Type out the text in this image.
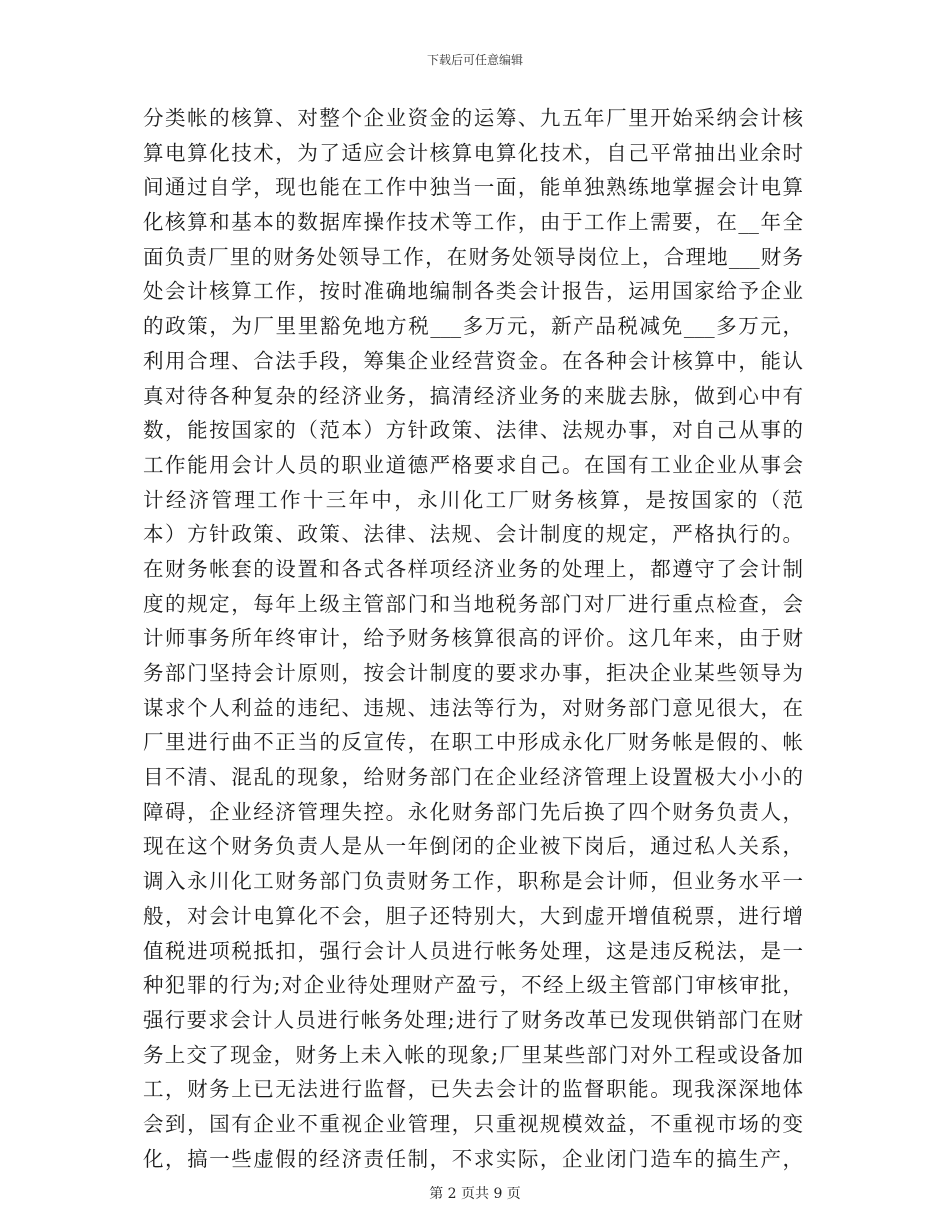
下载后可任意编辑
分类帐的核算、对整个企业资金的运筹、九五年厂里开始采纳会计核
算电算化技术，为了适应会计核算电算化技术，自己平常抽出业余时
间通过自学，现也能在工作中独当一面，能单独熟练地掌握会计电算
化核算和基本的数据库操作技术等工作，由于工作上需要，在__年全
面负责厂里的财务处领导工作，在财务处领导岗位上，合理地___财务
处会计核算工作，按时准确地编制各类会计报告，运用国家给予企业
的政策，为厂里里豁免地方税___多万元，新产品税减免___多万元，
利用合理、合法手段，筹集企业经营资金。在各种会计核算中，能认
真对待各种复杂的经济业务，搞清经济业务的来胧去脉，做到心中有
数，能按国家的（范本）方针政策、法律、法规办事，对自己从事的
工作能用会计人员的职业道德严格要求自己。在国有工业企业从事会
计经济管理工作十三年中，永川化工厂财务核算，是按国家的（范
本）方针政策、政策、法律、法规、会计制度的规定，严格执行的。
在财务帐套的设置和各式各样项经济业务的处理上，都遵守了会计制
度的规定，每年上级主管部门和当地税务部门对厂进行重点检查，会
计师事务所年终审计，给予财务核算很高的评价。这几年来，由于财
务部门坚持会计原则，按会计制度的要求办事，拒决企业某些领导为
谋求个人利益的违纪、违规、违法等行为，对财务部门意见很大，在
厂里进行曲不正当的反宣传，在职工中形成永化厂财务帐是假的、帐
目不清、混乱的现象，给财务部门在企业经济管理上设置极大小小的
障碍，企业经济管理失控。永化财务部门先后换了四个财务负责人，
现在这个财务负责人是从一年倒闭的企业被下岗后，通过私人关系，
调入永川化工财务部门负责财务工作，职称是会计师，但业务水平一
般，对会计电算化不会，胆子还特别大，大到虚开增值税票，进行增
值税进项税抵扣，强行会计人员进行帐务处理，这是违反税法，是一
种犯罪的行为;对企业待处理财产盈亏，不经上级主管部门审核审批，
强行要求会计人员进行帐务处理;进行了财务改革已发现供销部门在财
务上交了现金，财务上未入帐的现象;厂里某些部门对外工程或设备加
工，财务上已无法进行监督，已失去会计的监督职能。现我深深地体
会到，国有企业不重视企业管理，只重视规模效益，不重视市场的变
化，搞一些虚假的经济责任制，不求实际，企业闭门造车的搞生产，
第 2 页共 9 页
